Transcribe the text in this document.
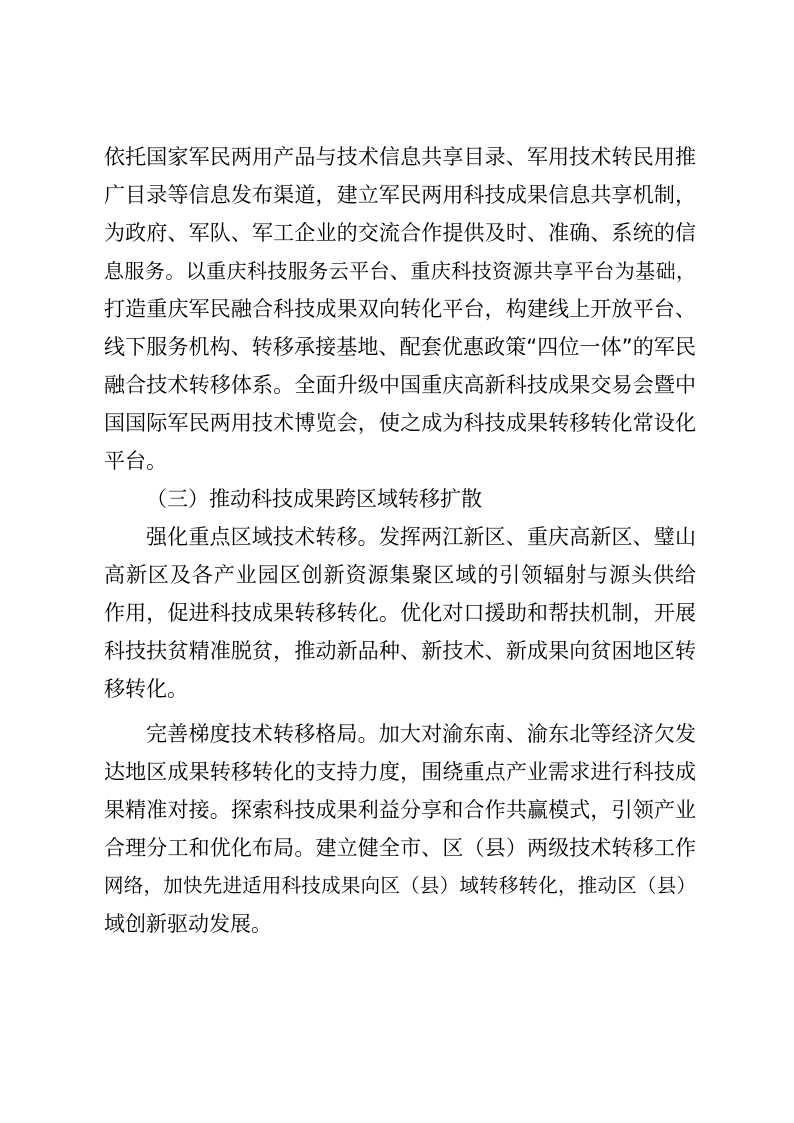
依托国家军民两用产品与技术信息共享目录、军用技术转民用推
广目录等信息发布渠道，建立军民两用科技成果信息共享机制，
为政府、军队、军工企业的交流合作提供及时、准确、系统的信
息服务。以重庆科技服务云平台、重庆科技资源共享平台为基础，
打造重庆军民融合科技成果双向转化平台，构建线上开放平台、
线下服务机构、转移承接基地、配套优惠政策“四位一体”的军民
融合技术转移体系。全面升级中国重庆高新科技成果交易会暨中
国国际军民两用技术博览会，使之成为科技成果转移转化常设化
平台。
（三）推动科技成果跨区域转移扩散
强化重点区域技术转移。发挥两江新区、重庆高新区、璧山
高新区及各产业园区创新资源集聚区域的引领辐射与源头供给
作用，促进科技成果转移转化。优化对口援助和帮扶机制，开展
科技扶贫精准脱贫，推动新品种、新技术、新成果向贫困地区转
移转化。
完善梯度技术转移格局。加大对渝东南、渝东北等经济欠发
达地区成果转移转化的支持力度，围绕重点产业需求进行科技成
果精准对接。探索科技成果利益分享和合作共赢模式，引领产业
合理分工和优化布局。建立健全市、区（县）两级技术转移工作
网络，加快先进适用科技成果向区（县）域转移转化，推动区（县）
域创新驱动发展。
